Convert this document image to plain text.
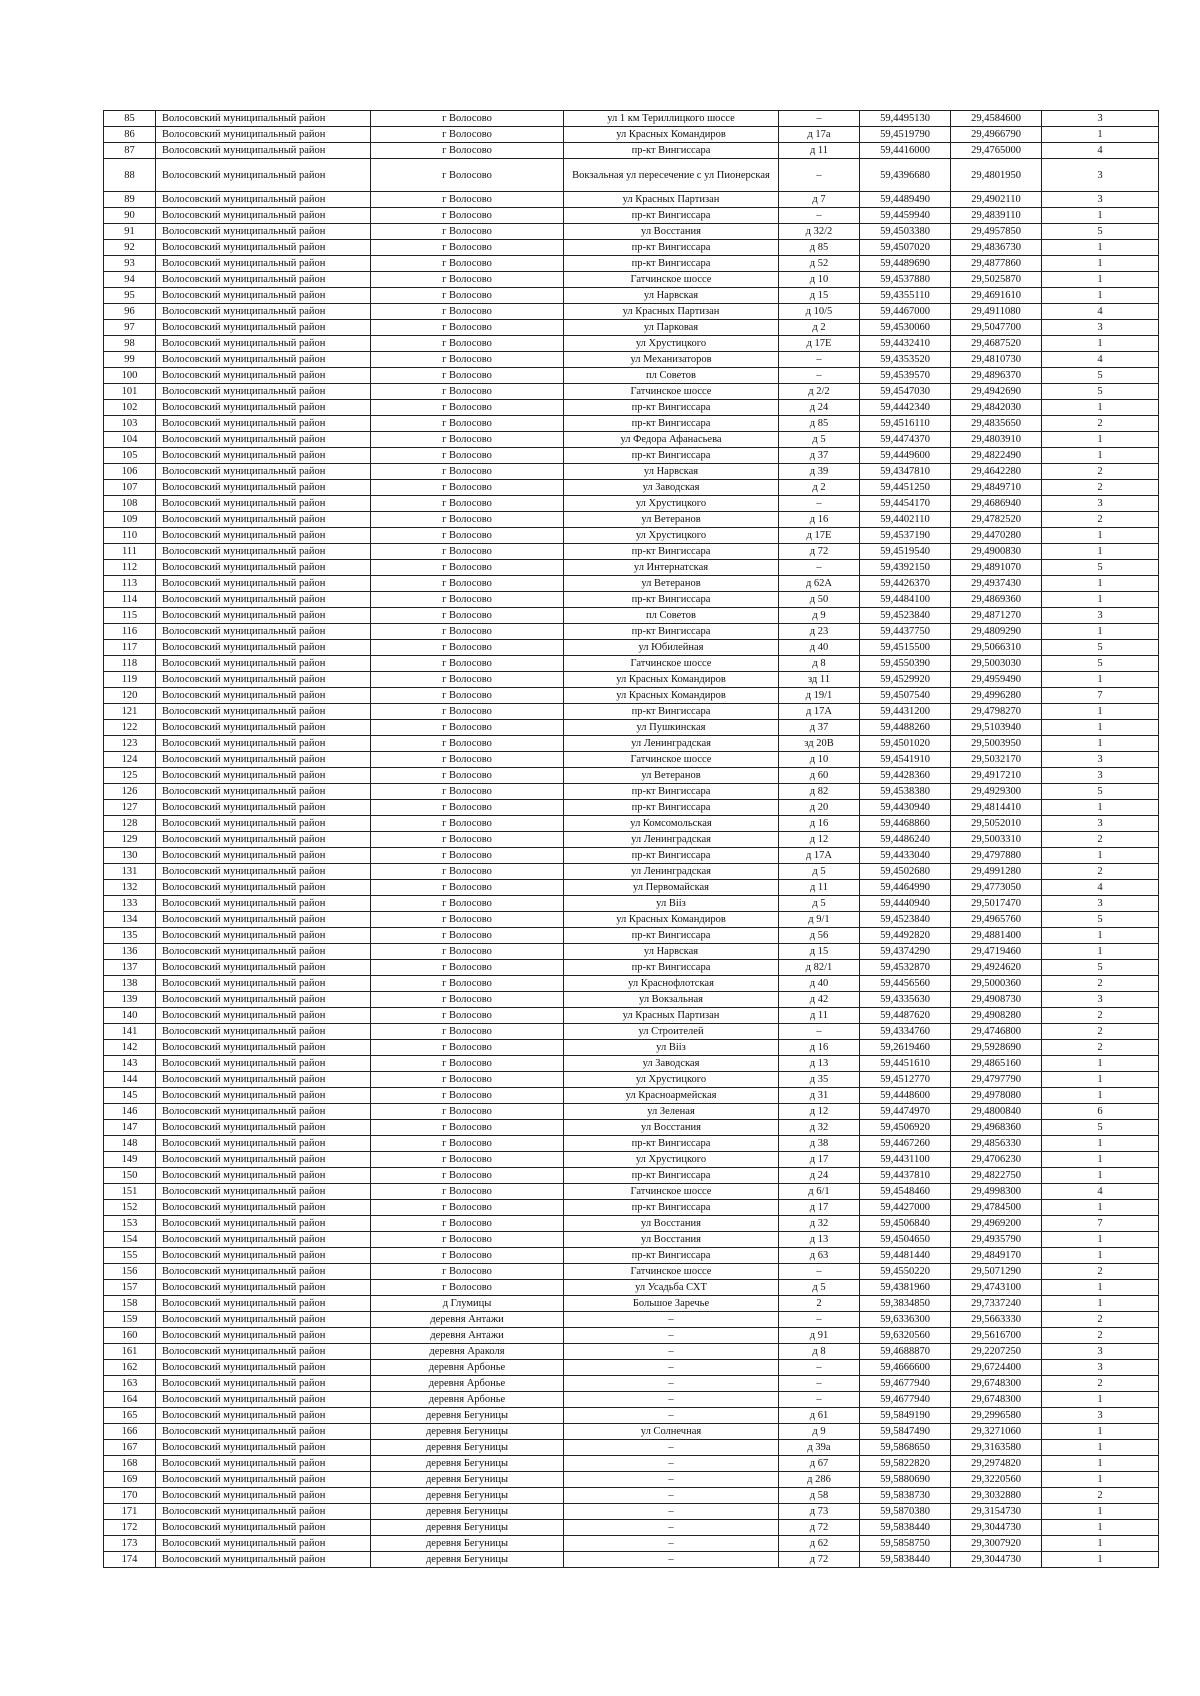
85	Волосовский муниципальный район	г Волосово	ул 1 км Териллицкого шоссе	–	59,4495130	29,4584600	3
86	Волосовский муниципальный район	г Волосово	ул Красных Командиров	д 17а	59,4519790	29,4966790	1
87	Волосовский муниципальный район	г Волосово	пр-кт Вингиссара	д 11	59,4416000	29,4765000	4
88	Волосовский муниципальный район	г Волосово	Вокзальная ул пересечение с ул Пионерская	–	59,4396680	29,4801950	3
89	Волосовский муниципальный район	г Волосово	ул Красных Партизан	д 7	59,4489490	29,4902110	3
90	Волосовский муниципальный район	г Волосово	пр-кт Вингиссара	–	59,4459940	29,4839110	1
91	Волосовский муниципальный район	г Волосово	ул Восстания	д 32/2	59,4503380	29,4957850	5
92	Волосовский муниципальный район	г Волосово	пр-кт Вингиссара	д 85	59,4507020	29,4836730	1
93	Волосовский муниципальный район	г Волосово	пр-кт Вингиссара	д 52	59,4489690	29,4877860	1
94	Волосовский муниципальный район	г Волосово	Гатчинское шоссе	д 10	59,4537880	29,5025870	1
95	Волосовский муниципальный район	г Волосово	ул Нарвская	д 15	59,4355110	29,4691610	1
96	Волосовский муниципальный район	г Волосово	ул Красных Партизан	д 10/5	59,4467000	29,4911080	4
97	Волосовский муниципальный район	г Волосово	ул Парковая	д 2	59,4530060	29,5047700	3
98	Волосовский муниципальный район	г Волосово	ул Хрустицкого	д 17Е	59,4432410	29,4687520	1
99	Волосовский муниципальный район	г Волосово	ул Механизаторов	–	59,4353520	29,4810730	4
100	Волосовский муниципальный район	г Волосово	пл Советов	–	59,4539570	29,4896370	5
101	Волосовский муниципальный район	г Волосово	Гатчинское шоссе	д 2/2	59,4547030	29,4942690	5
102	Волосовский муниципальный район	г Волосово	пр-кт Вингиссара	д 24	59,4442340	29,4842030	1
103	Волосовский муниципальный район	г Волосово	пр-кт Вингиссара	д 85	59,4516110	29,4835650	2
104	Волосовский муниципальный район	г Волосово	ул Федора Афанасьева	д 5	59,4474370	29,4803910	1
105	Волосовский муниципальный район	г Волосово	пр-кт Вингиссара	д 37	59,4449600	29,4822490	1
106	Волосовский муниципальный район	г Волосово	ул Нарвская	д 39	59,4347810	29,4642280	2
107	Волосовский муниципальный район	г Волосово	ул Заводская	д 2	59,4451250	29,4849710	2
108	Волосовский муниципальный район	г Волосово	ул Хрустицкого	–	59,4454170	29,4686940	3
109	Волосовский муниципальный район	г Волосово	ул Ветеранов	д 16	59,4402110	29,4782520	2
110	Волосовский муниципальный район	г Волосово	ул Хрустицкого	д 17Е	59,4537190	29,4470280	1
111	Волосовский муниципальный район	г Волосово	пр-кт Вингиссара	д 72	59,4519540	29,4900830	1
112	Волосовский муниципальный район	г Волосово	ул Интернатская	–	59,4392150	29,4891070	5
113	Волосовский муниципальный район	г Волосово	ул Ветеранов	д 62А	59,4426370	29,4937430	1
114	Волосовский муниципальный район	г Волосово	пр-кт Вингиссара	д 50	59,4484100	29,4869360	1
115	Волосовский муниципальный район	г Волосово	пл Советов	д 9	59,4523840	29,4871270	3
116	Волосовский муниципальный район	г Волосово	пр-кт Вингиссара	д 23	59,4437750	29,4809290	1
117	Волосовский муниципальный район	г Волосово	ул Юбилейная	д 40	59,4515500	29,5066310	5
118	Волосовский муниципальный район	г Волосово	Гатчинское шоссе	д 8	59,4550390	29,5003030	5
119	Волосовский муниципальный район	г Волосово	ул Красных Командиров	зд 11	59,4529920	29,4959490	1
120	Волосовский муниципальный район	г Волосово	ул Красных Командиров	д 19/1	59,4507540	29,4996280	7
121	Волосовский муниципальный район	г Волосово	пр-кт Вингиссара	д 17А	59,4431200	29,4798270	1
122	Волосовский муниципальный район	г Волосово	ул Пушкинская	д 37	59,4488260	29,5103940	1
123	Волосовский муниципальный район	г Волосово	ул Ленинградская	зд 20В	59,4501020	29,5003950	1
124	Волосовский муниципальный район	г Волосово	Гатчинское шоссе	д 10	59,4541910	29,5032170	3
125	Волосовский муниципальный район	г Волосово	ул Ветеранов	д 60	59,4428360	29,4917210	3
126	Волосовский муниципальный район	г Волосово	пр-кт Вингиссара	д 82	59,4538380	29,4929300	5
127	Волосовский муниципальный район	г Волосово	пр-кт Вингиссара	д 20	59,4430940	29,4814410	1
128	Волосовский муниципальный район	г Волосово	ул Комсомольская	д 16	59,4468860	29,5052010	3
129	Волосовский муниципальный район	г Волосово	ул Ленинградская	д 12	59,4486240	29,5003310	2
130	Волосовский муниципальный район	г Волосово	пр-кт Вингиссара	д 17А	59,4433040	29,4797880	1
131	Волосовский муниципальный район	г Волосово	ул Ленинградская	д 5	59,4502680	29,4991280	2
132	Волосовский муниципальный район	г Волосово	ул Первомайская	д 11	59,4464990	29,4773050	4
133	Волосовский муниципальный район	г Волосово	ул Вiiз	д 5	59,4440940	29,5017470	3
134	Волосовский муниципальный район	г Волосово	ул Красных Командиров	д 9/1	59,4523840	29,4965760	5
135	Волосовский муниципальный район	г Волосово	пр-кт Вингиссара	д 56	59,4492820	29,4881400	1
136	Волосовский муниципальный район	г Волосово	ул Нарвская	д 15	59,4374290	29,4719460	1
137	Волосовский муниципальный район	г Волосово	пр-кт Вингиссара	д 82/1	59,4532870	29,4924620	5
138	Волосовский муниципальный район	г Волосово	ул Краснофлотская	д 40	59,4456560	29,5000360	2
139	Волосовский муниципальный район	г Волосово	ул Вокзальная	д 42	59,4335630	29,4908730	3
140	Волосовский муниципальный район	г Волосово	ул Красных Партизан	д 11	59,4487620	29,4908280	2
141	Волосовский муниципальный район	г Волосово	ул Строителей	–	59,4334760	29,4746800	2
142	Волосовский муниципальный район	г Волосово	ул Вiiз	д 16	59,2619460	29,5928690	2
143	Волосовский муниципальный район	г Волосово	ул Заводская	д 13	59,4451610	29,4865160	1
144	Волосовский муниципальный район	г Волосово	ул Хрустицкого	д 35	59,4512770	29,4797790	1
145	Волосовский муниципальный район	г Волосово	ул Красноармейская	д 31	59,4448600	29,4978080	1
146	Волосовский муниципальный район	г Волосово	ул Зеленая	д 12	59,4474970	29,4800840	6
147	Волосовский муниципальный район	г Волосово	ул Восстания	д 32	59,4506920	29,4968360	5
148	Волосовский муниципальный район	г Волосово	пр-кт Вингиссара	д 38	59,4467260	29,4856330	1
149	Волосовский муниципальный район	г Волосово	ул Хрустицкого	д 17	59,4431100	29,4706230	1
150	Волосовский муниципальный район	г Волосово	пр-кт Вингиссара	д 24	59,4437810	29,4822750	1
151	Волосовский муниципальный район	г Волосово	Гатчинское шоссе	д 6/1	59,4548460	29,4998300	4
152	Волосовский муниципальный район	г Волосово	пр-кт Вингиссара	д 17	59,4427000	29,4784500	1
153	Волосовский муниципальный район	г Волосово	ул Восстания	д 32	59,4506840	29,4969200	7
154	Волосовский муниципальный район	г Волосово	ул Восстания	д 13	59,4504650	29,4935790	1
155	Волосовский муниципальный район	г Волосово	пр-кт Вингиссара	д 63	59,4481440	29,4849170	1
156	Волосовский муниципальный район	г Волосово	Гатчинское шоссе	–	59,4550220	29,5071290	2
157	Волосовский муниципальный район	г Волосово	ул Усадьба СХТ	д 5	59,4381960	29,4743100	1
158	Волосовский муниципальный район	д Глумицы	Большое Заречье	2	59,3834850	29,7337240	1
159	Волосовский муниципальный район	деревня Антажи	–	–	59,6336300	29,5663330	2
160	Волосовский муниципальный район	деревня Антажи	–	д 91	59,6320560	29,5616700	2
161	Волосовский муниципальный район	деревня Араколя	–	д 8	59,4688870	29,2207250	3
162	Волосовский муниципальный район	деревня Арбонье	–	–	59,4666600	29,6724400	3
163	Волосовский муниципальный район	деревня Арбонье	–	–	59,4677940	29,6748300	2
164	Волосовский муниципальный район	деревня Арбонье	–	–	59,4677940	29,6748300	1
165	Волосовский муниципальный район	деревня Бегуницы	–	д 61	59,5849190	29,2996580	3
166	Волосовский муниципальный район	деревня Бегуницы	ул Солнечная	д 9	59,5847490	29,3271060	1
167	Волосовский муниципальный район	деревня Бегуницы	–	д 39а	59,5868650	29,3163580	1
168	Волосовский муниципальный район	деревня Бегуницы	–	д 67	59,5822820	29,2974820	1
169	Волосовский муниципальный район	деревня Бегуницы	–	д 286	59,5880690	29,3220560	1
170	Волосовский муниципальный район	деревня Бегуницы	–	д 58	59,5838730	29,3032880	2
171	Волосовский муниципальный район	деревня Бегуницы	–	д 73	59,5870380	29,3154730	1
172	Волосовский муниципальный район	деревня Бегуницы	–	д 72	59,5838440	29,3044730	1
173	Волосовский муниципальный район	деревня Бегуницы	–	д 62	59,5858750	29,3007920	1
174	Волосовский муниципальный район	деревня Бегуницы	–	д 72	59,5838440	29,3044730	1
